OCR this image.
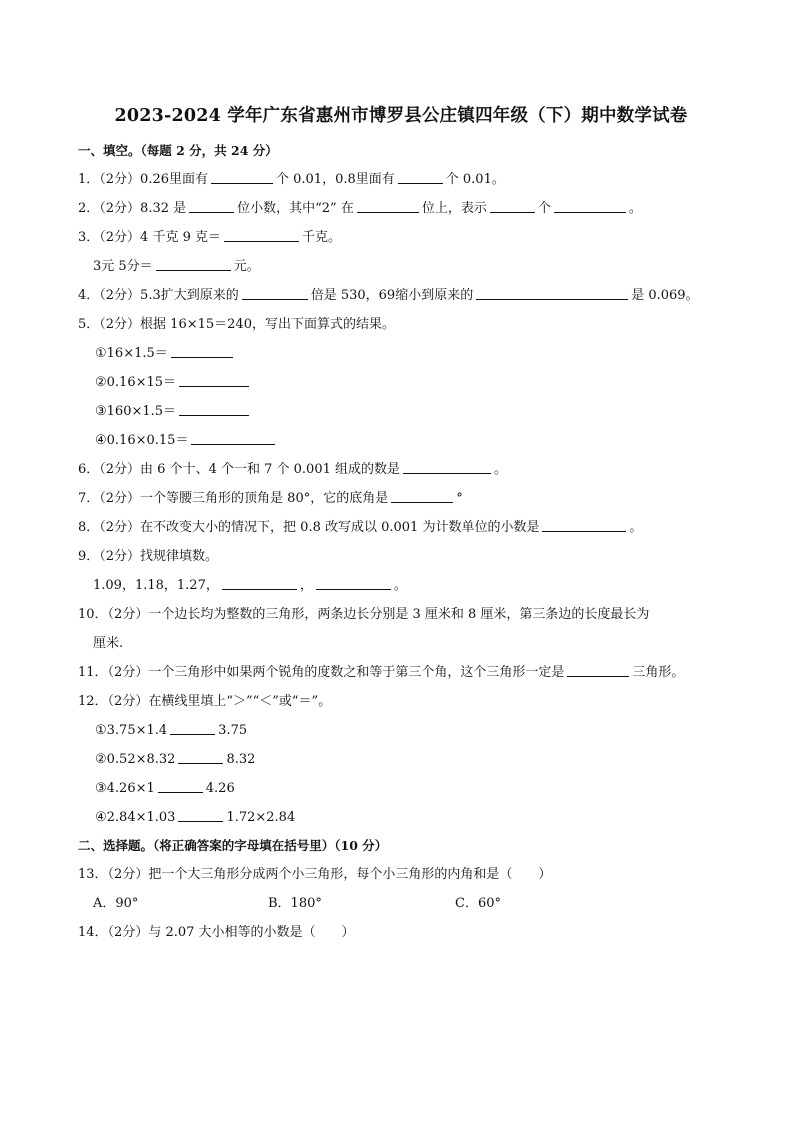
2023-2024 学年广东省惠州市博罗县公庄镇四年级（下）期中数学试卷
一、填空。（每题 2 分，共 24 分）
1．（2分）0.26里面有	个 0.01，0.8里面有	个 0.01。
2．（2分）8.32 是	位小数，其中“2” 在	位上，表示	个	。
3．（2分）4 千克 9 克＝	千克。
3元 5分＝	元。
4．（2分）5.3扩大到原来的	倍是 530，69缩小到原来的	是 0.069。
5．（2分）根据 16×15＝240，写出下面算式的结果。
①16×1.5＝
②0.16×15＝
③160×1.5＝
④0.16×0.15＝
6．（2分）由 6 个十、4 个一和 7 个 0.001 组成的数是	。
7．（2分）一个等腰三角形的顶角是 80°，它的底角是	°
8．（2分）在不改变大小的情况下，把 0.8 改写成以 0.001 为计数单位的小数是	。
9．（2分）找规律填数。
1.09，1.18，1.27，	，	。
10．（2分）一个边长均为整数的三角形，两条边长分别是 3 厘米和 8 厘米，第三条边的长度最长为
厘米.
11．（2分）一个三角形中如果两个锐角的度数之和等于第三个角，这个三角形一定是	三角形。
12．（2分）在横线里填上“＞”“＜”或“＝”。
①3.75×1.4	3.75
②0.52×8.32	8.32
③4.26×1	4.26
④2.84×1.03	1.72×2.84
二、选择题。（将正确答案的字母填在括号里）（10 分）
13．（2分）把一个大三角形分成两个小三角形，每个小三角形的内角和是（　　）
A．90°	B．180°	C．60°
14．（2分）与 2.07 大小相等的小数是（　　）
